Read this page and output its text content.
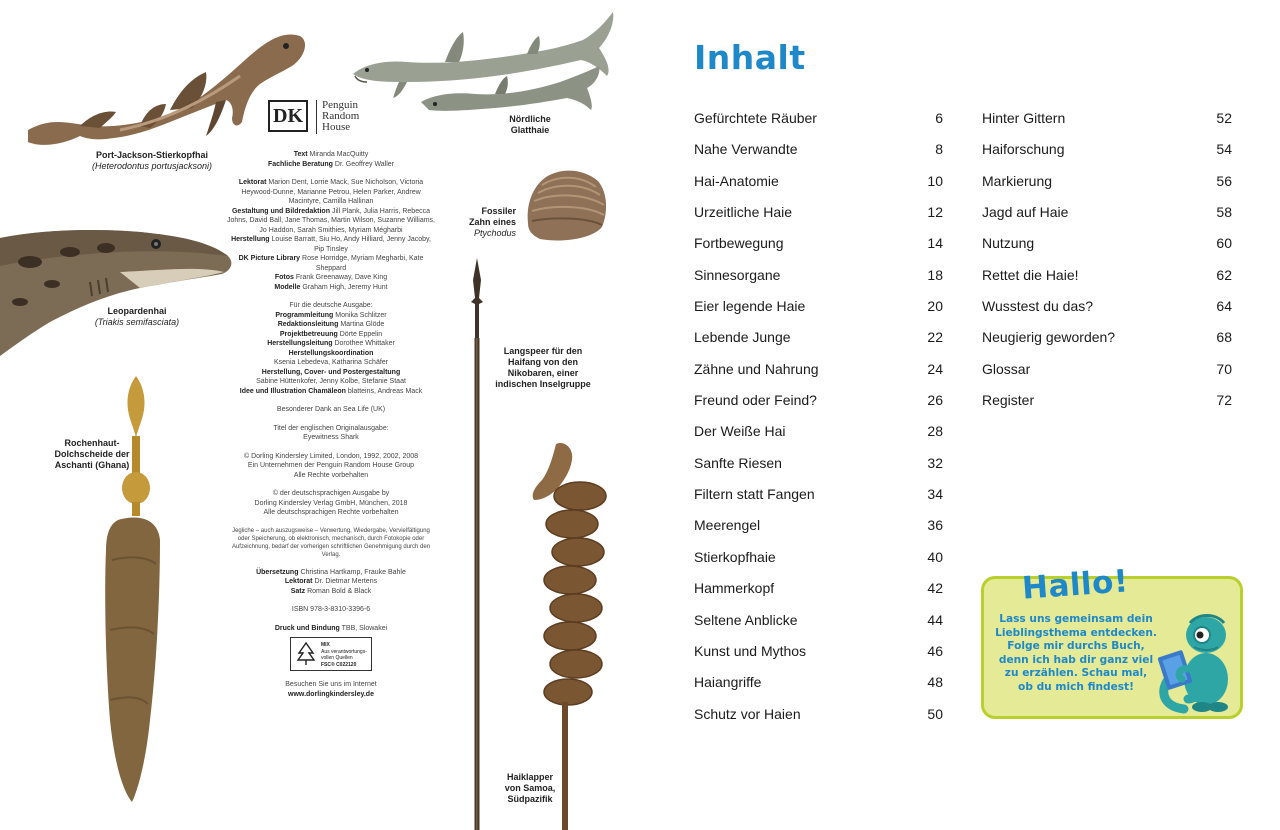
Port-Jackson-Stierkopfhai
(Heterodontus portusjacksoni)
Nördliche Glatthaie
DK	Penguin
Random
House
Leopardenhai
(Triakis semifasciata)
Fossiler
Zahn eines
Ptychodus
Langspeer für den Haifang von den Nikobaren, einer indischen Inselgruppe
Rochenhaut-Dolchscheide der Aschanti (Ghana)
Haiklapper von Samoa, Südpazifik

Text Miranda MacQuitty

Fachliche Beratung Dr. Geoffrey Waller

Lektorat Marion Dent, Lorrie Mack, Sue Nicholson, Victoria Heywood-Dunne, Marianne Petrou, Helen Parker, Andrew Macintyre, Camilla Hallinan

Gestaltung und Bildredaktion Jill Plank, Julia Harris, Rebecca Johns, David Ball, Jane Thomas, Martin Wilson, Suzanne Williams, Jo Haddon, Sarah Smithies, Myriam Mégharbi

Herstellung Louise Barratt, Siu Ho, Andy Hilliard, Jenny Jacoby, Pip Tinsley

DK Picture Library Rose Horridge, Myriam Megharbi, Kate Sheppard

Fotos Frank Greenaway, Dave King

Modelle Graham High, Jeremy Hunt

Für die deutsche Ausgabe:

Programmleitung Monika Schlitzer

Redaktionsleitung Martina Glöde

Projektbetreuung Dörte Eppelin

Herstellungsleitung Dorothee Whittaker

Herstellungskoordination

Ksenia Lebedeva, Katharina Schäfer

Herstellung, Cover- und Postergestaltung

Sabine Hüttenkofer, Jenny Kolbe, Stefanie Staat

Idee und Illustration Chamäleon blatteins, Andreas Mack

Besonderer Dank an Sea Life (UK)

Titel der englischen Originalausgabe:

Eyewitness Shark

© Dorling Kindersley Limited, London, 1992, 2002, 2008

Ein Unternehmen der Penguin Random House Group

Alle Rechte vorbehalten

© der deutschsprachigen Ausgabe by

Dorling Kindersley Verlag GmbH, München, 2018

Alle deutschsprachigen Rechte vorbehalten

Jegliche – auch auszugsweise – Verwertung, Wiedergabe, Vervielfältigung oder Speicherung, ob elektronisch, mechanisch, durch Fotokopie oder Aufzeichnung, bedarf der vorherigen schriftlichen Genehmigung durch den Verlag.

Übersetzung Christina Hartkamp, Frauke Bahle

Lektorat Dr. Dietmar Mertens

Satz Roman Bold & Black

ISBN 978-3-8310-3396-6

Druck und Bindung TBB, Slowakei

MIX
Aus verantwortungs-
vollen Quellen
FSC® C022120

Besuchen Sie uns im Internet

www.dorlingkindersley.de

Inhalt
Gefürchtete Räuber	6
Nahe Verwandte	8
Hai-Anatomie	10
Urzeitliche Haie	12
Fortbewegung	14
Sinnesorgane	18
Eier legende Haie	20
Lebende Junge	22
Zähne und Nahrung	24
Freund oder Feind?	26
Der Weiße Hai	28
Sanfte Riesen	32
Filtern statt Fangen	34
Meerengel	36
Stierkopfhaie	40
Hammerkopf	42
Seltene Anblicke	44
Kunst und Mythos	46
Haiangriffe	48
Schutz vor Haien	50
Hinter Gittern	52
Haiforschung	54
Markierung	56
Jagd auf Haie	58
Nutzung	60
Rettet die Haie!	62
Wusstest du das?	64
Neugierig geworden?	68
Glossar	70
Register	72
Hallo!
Lass uns gemeinsam dein
Lieblingsthema entdecken.
Folge mir durchs Buch,
denn ich hab dir ganz viel
zu erzählen. Schau mal,
ob du mich findest!
